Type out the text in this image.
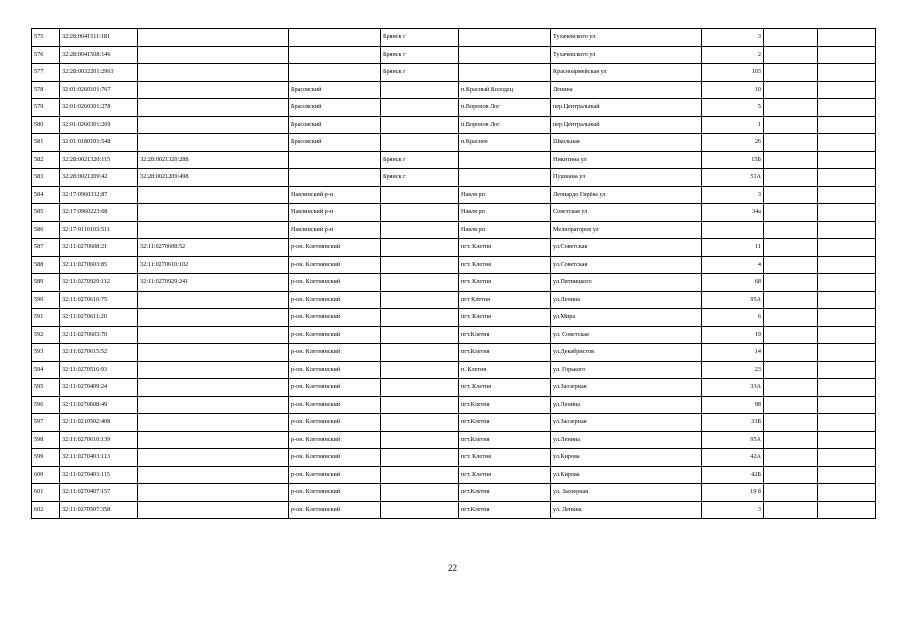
575	32:28:0041511:181			Брянск г		Тухачевского ул	3		
576	32:28:0041508:146			Брянск г		Тухачевского ул	2		
577	32:28:0032201:2963			Брянск г		Красноармейская ул	103		
578	32:01:0260101:767		Брасовский		п.Красный Колодец	Ленина	10		
579	32:01:0260301:278		Брасовский		п.Воронов Лог	пер.Центральный	5		
580	32:01:0260301:269		Брасовский		п.Воронов Лог	пер.Центральный	1		
581	32:01:0180101:548		Брасовский		п.Красное	Школьная	26		
582	32:28:0021320:115	32:28:0021320:288		Брянск г		Никитина ул	15Б		
583	32:28:0021209:42	32:28:0021209:498		Брянск г		Пушкина ул	51А		
584	32:17:0960332:87		Навлинский р-н		Навля рп	Леонардо Гирёва ул	3		
585	32:17:0960223:68		Навлинский р-н		Навля рп	Советская ул	34а		
586	32:17:0110103:511		Навлинский р-н		Навля рп	Мелиораторов ул			
587	32:11:0270608:21	32:11:0270608:52	р-он. Клетнянский		пгт. Клетня	ул.Советская	11		
588	32:11:0270603:85	32:11:0270610:102	р-он. Клетнянский		пгт. Клетня	ул.Советская	4		
589	32:11:0270929:112	32:11:0270929:241	р-он. Клетнянский		пгт. Клетня	ул.Пятницкого	68		
590	32:11:0270610:75		р-он. Клетнянский		пгт Клетня	ул.Ленина	95А		
591	32:11:0270611:20		р-он. Клетнянский		пгт. Клетня	ул.Мира	6		
592	32:11:0270603:70		р-он. Клетнянский		пгт.Клетня	ул. Советская	19		
593	32:11:0270615:52		р-он. Клетнянский		пгт.Клетня	ул.Декабристов	14		
594	32:11:0270516:93		р-он. Клетнянский		п. Клетня	ул. Горького	23		
595	32:11:0270409:24		р-он. Клетнянский		пгт. Клетня	ул.Заозерная	33А		
596	32:11:0270608:49		р-он. Клетнянский		пгт.Клетня	ул.Ленина	98		
597	32:11:0210502:408		р-он. Клетнянский		пгт.Клетня	ул.Заозерная	33Б		
598	32:11:0270610:139		р-он. Клетнянский		пгт.Клетня	ул.Ленина	95А		
599	32:11:0270403:113		р-он. Клетнянский		пгт. Клетня	ул.Кирова	42А		
600	32:11:0270403:115		р-он. Клетнянский		пгт. Клетня	ул.Кирова	42Б		
601	32:11:0270407:157		р-он. Клетнянский		пгт.Клетня	ул. Заозерная	19 б		
602	32:11:0270507:358		р-он. Клетнянский		пгт.Клетня	ул. Ленина	3		
22
